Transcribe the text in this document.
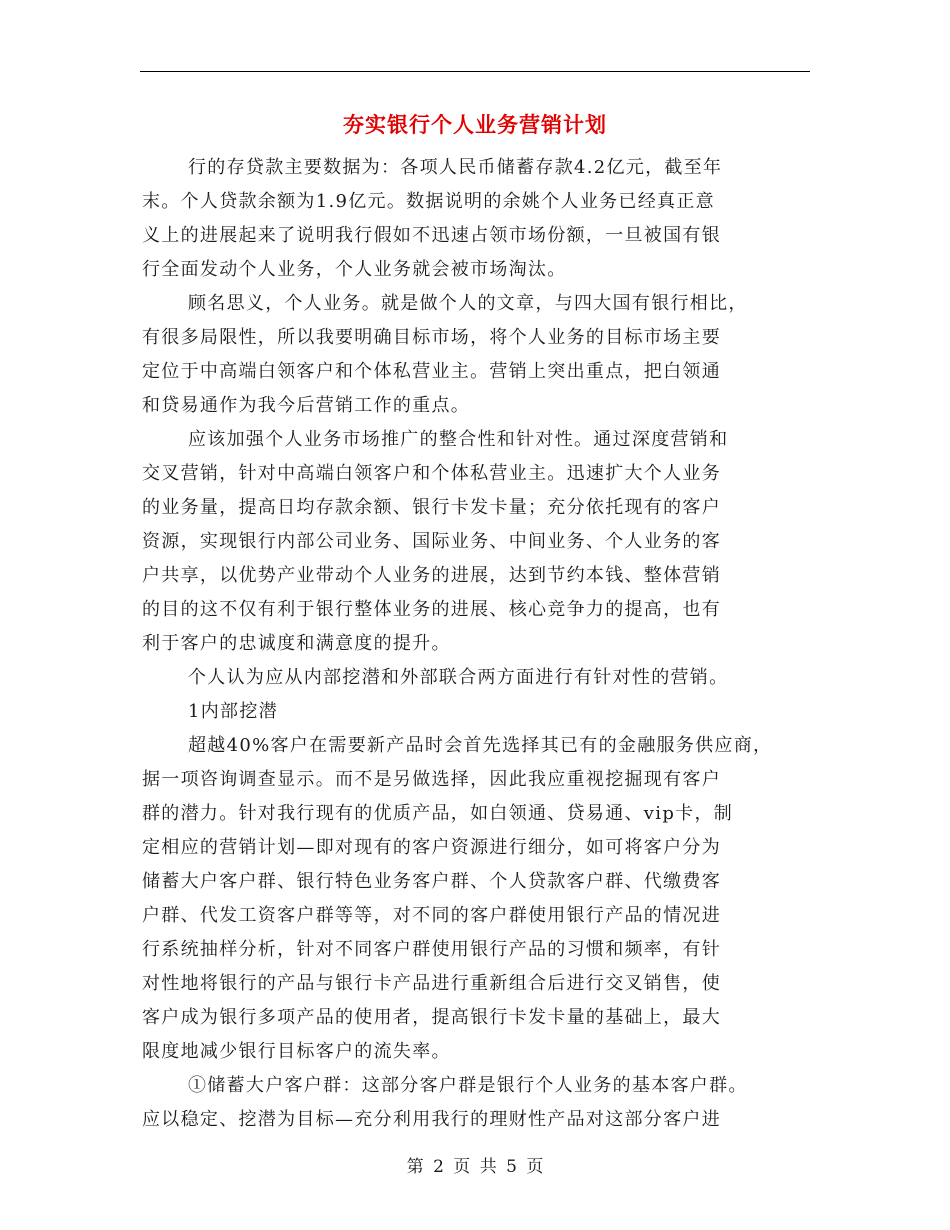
夯实银行个人业务营销计划

行的存贷款主要数据为：各项人民币储蓄存款4.2亿元，截至年

末。个人贷款余额为1.9亿元。数据说明的余姚个人业务已经真正意

义上的进展起来了说明我行假如不迅速占领市场份额，一旦被国有银

行全面发动个人业务，个人业务就会被市场淘汰。

顾名思义，个人业务。就是做个人的文章，与四大国有银行相比，

有很多局限性，所以我要明确目标市场，将个人业务的目标市场主要

定位于中高端白领客户和个体私营业主。营销上突出重点，把白领通

和贷易通作为我今后营销工作的重点。

应该加强个人业务市场推广的整合性和针对性。通过深度营销和

交叉营销，针对中高端白领客户和个体私营业主。迅速扩大个人业务

的业务量，提高日均存款余额、银行卡发卡量；充分依托现有的客户

资源，实现银行内部公司业务、国际业务、中间业务、个人业务的客

户共享，以优势产业带动个人业务的进展，达到节约本钱、整体营销

的目的这不仅有利于银行整体业务的进展、核心竞争力的提高，也有

利于客户的忠诚度和满意度的提升。

个人认为应从内部挖潜和外部联合两方面进行有针对性的营销。

1内部挖潜

超越40%客户在需要新产品时会首先选择其已有的金融服务供应商，

据一项咨询调查显示。而不是另做选择，因此我应重视挖掘现有客户

群的潜力。针对我行现有的优质产品，如白领通、贷易通、vip卡，制

定相应的营销计划—即对现有的客户资源进行细分，如可将客户分为

储蓄大户客户群、银行特色业务客户群、个人贷款客户群、代缴费客

户群、代发工资客户群等等，对不同的客户群使用银行产品的情况进

行系统抽样分析，针对不同客户群使用银行产品的习惯和频率，有针

对性地将银行的产品与银行卡产品进行重新组合后进行交叉销售，使

客户成为银行多项产品的使用者，提高银行卡发卡量的基础上，最大

限度地减少银行目标客户的流失率。

①储蓄大户客户群：这部分客户群是银行个人业务的基本客户群。

应以稳定、挖潜为目标—充分利用我行的理财性产品对这部分客户进

第 2 页 共 5 页
